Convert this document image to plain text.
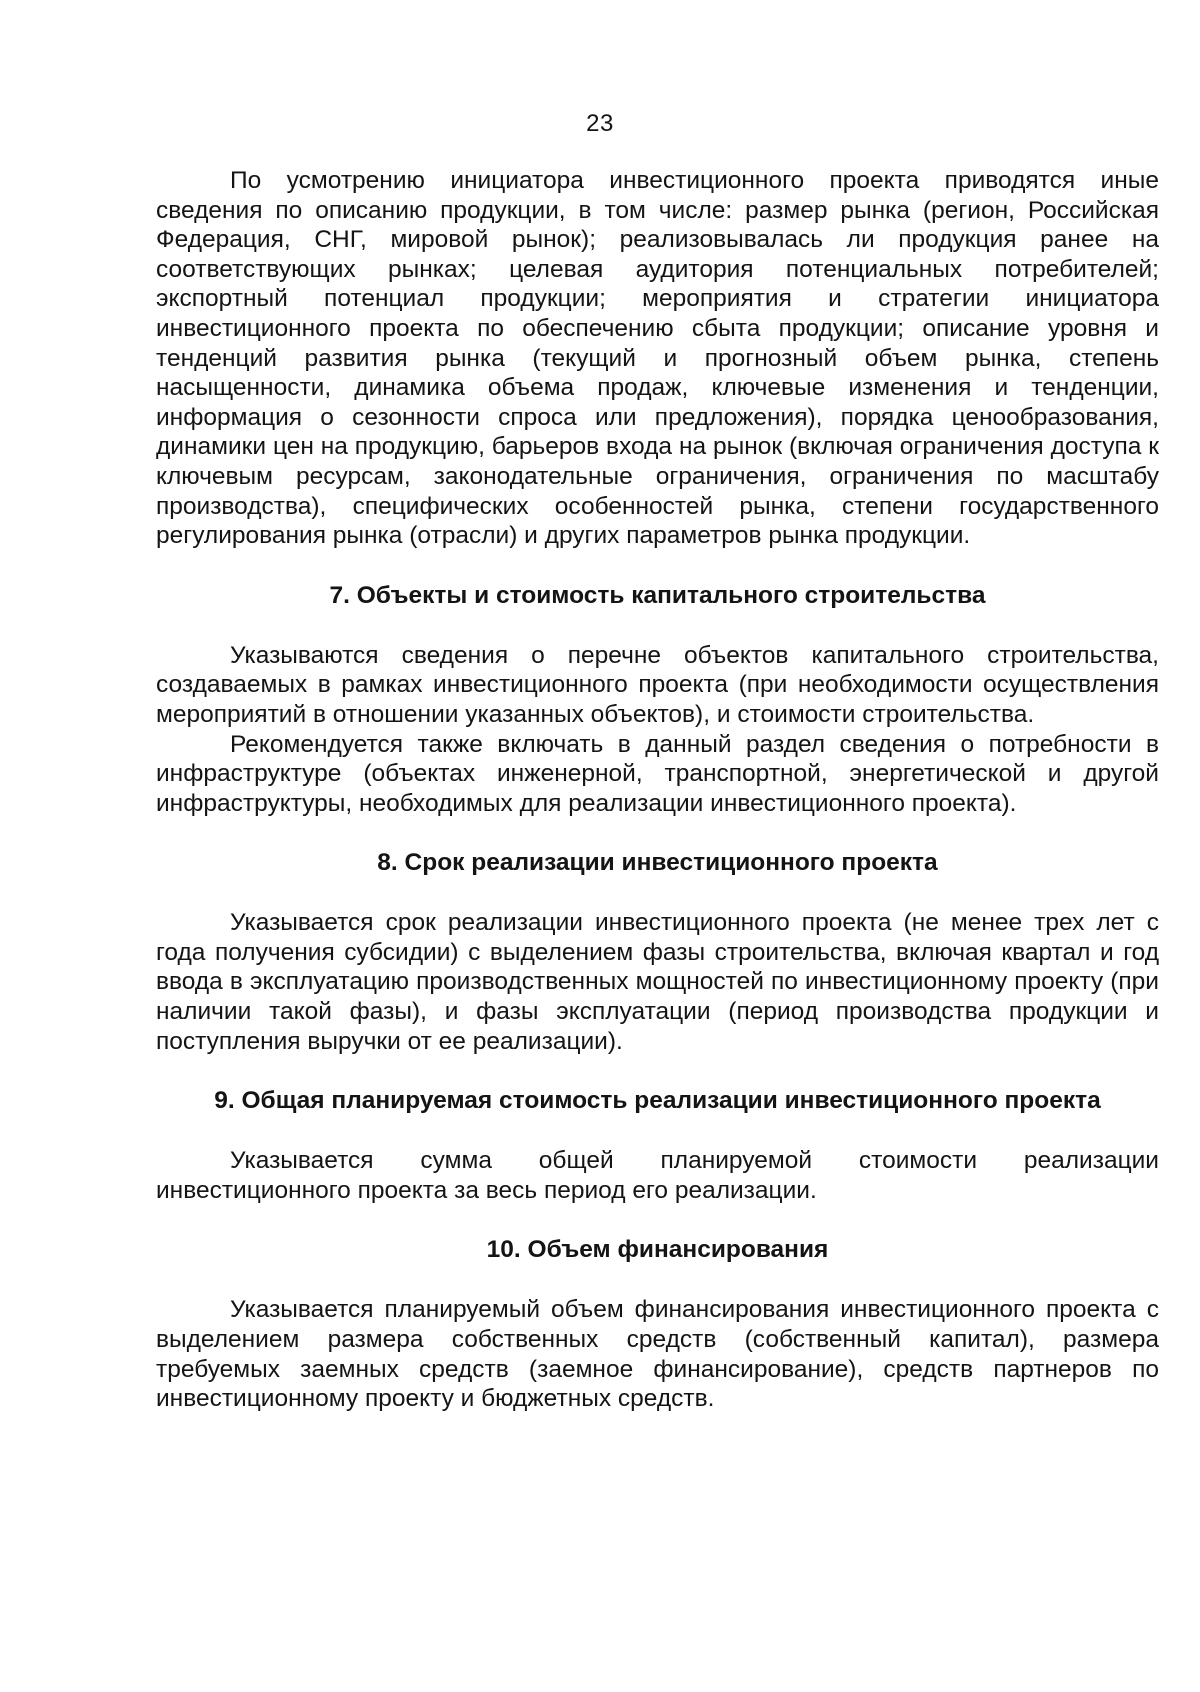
23

По усмотрению инициатора инвестиционного проекта приводятся иные сведения по описанию продукции, в том числе: размер рынка (регион, Российская Федерация, СНГ, мировой рынок); реализовывалась ли продукция ранее на соответствующих рынках; целевая аудитория потенциальных потребителей; экспортный потенциал продукции; мероприятия и стратегии инициатора инвестиционного проекта по обеспечению сбыта продукции; описание уровня и тенденций развития рынка (текущий и прогнозный объем рынка, степень насыщенности, динамика объема продаж, ключевые изменения и тенденции, информация о сезонности спроса или предложения), порядка ценообразования, динамики цен на продукцию, барьеров входа на рынок (включая ограничения доступа к ключевым ресурсам, законодательные ограничения, ограничения по масштабу производства), специфических особенностей рынка, степени государственного регулирования рынка (отрасли) и других параметров рынка продукции.

7. Объекты и стоимость капитального строительства

Указываются сведения о перечне объектов капитального строительства, создаваемых в рамках инвестиционного проекта (при необходимости осуществления мероприятий в отношении указанных объектов), и стоимости строительства.

Рекомендуется также включать в данный раздел сведения о потребности в инфраструктуре (объектах инженерной, транспортной, энергетической и другой инфраструктуры, необходимых для реализации инвестиционного проекта).

8. Срок реализации инвестиционного проекта

Указывается срок реализации инвестиционного проекта (не менее трех лет с года получения субсидии) с выделением фазы строительства, включая квартал и год ввода в эксплуатацию производственных мощностей по инвестиционному проекту (при наличии такой фазы), и фазы эксплуатации (период производства продукции и поступления выручки от ее реализации).

9. Общая планируемая стоимость реализации инвестиционного проекта

Указывается сумма общей планируемой стоимости реализации инвестиционного проекта за весь период его реализации.

10. Объем финансирования

Указывается планируемый объем финансирования инвестиционного проекта с выделением размера собственных средств (собственный капитал), размера требуемых заемных средств (заемное финансирование), средств партнеров по инвестиционному проекту и бюджетных средств.
